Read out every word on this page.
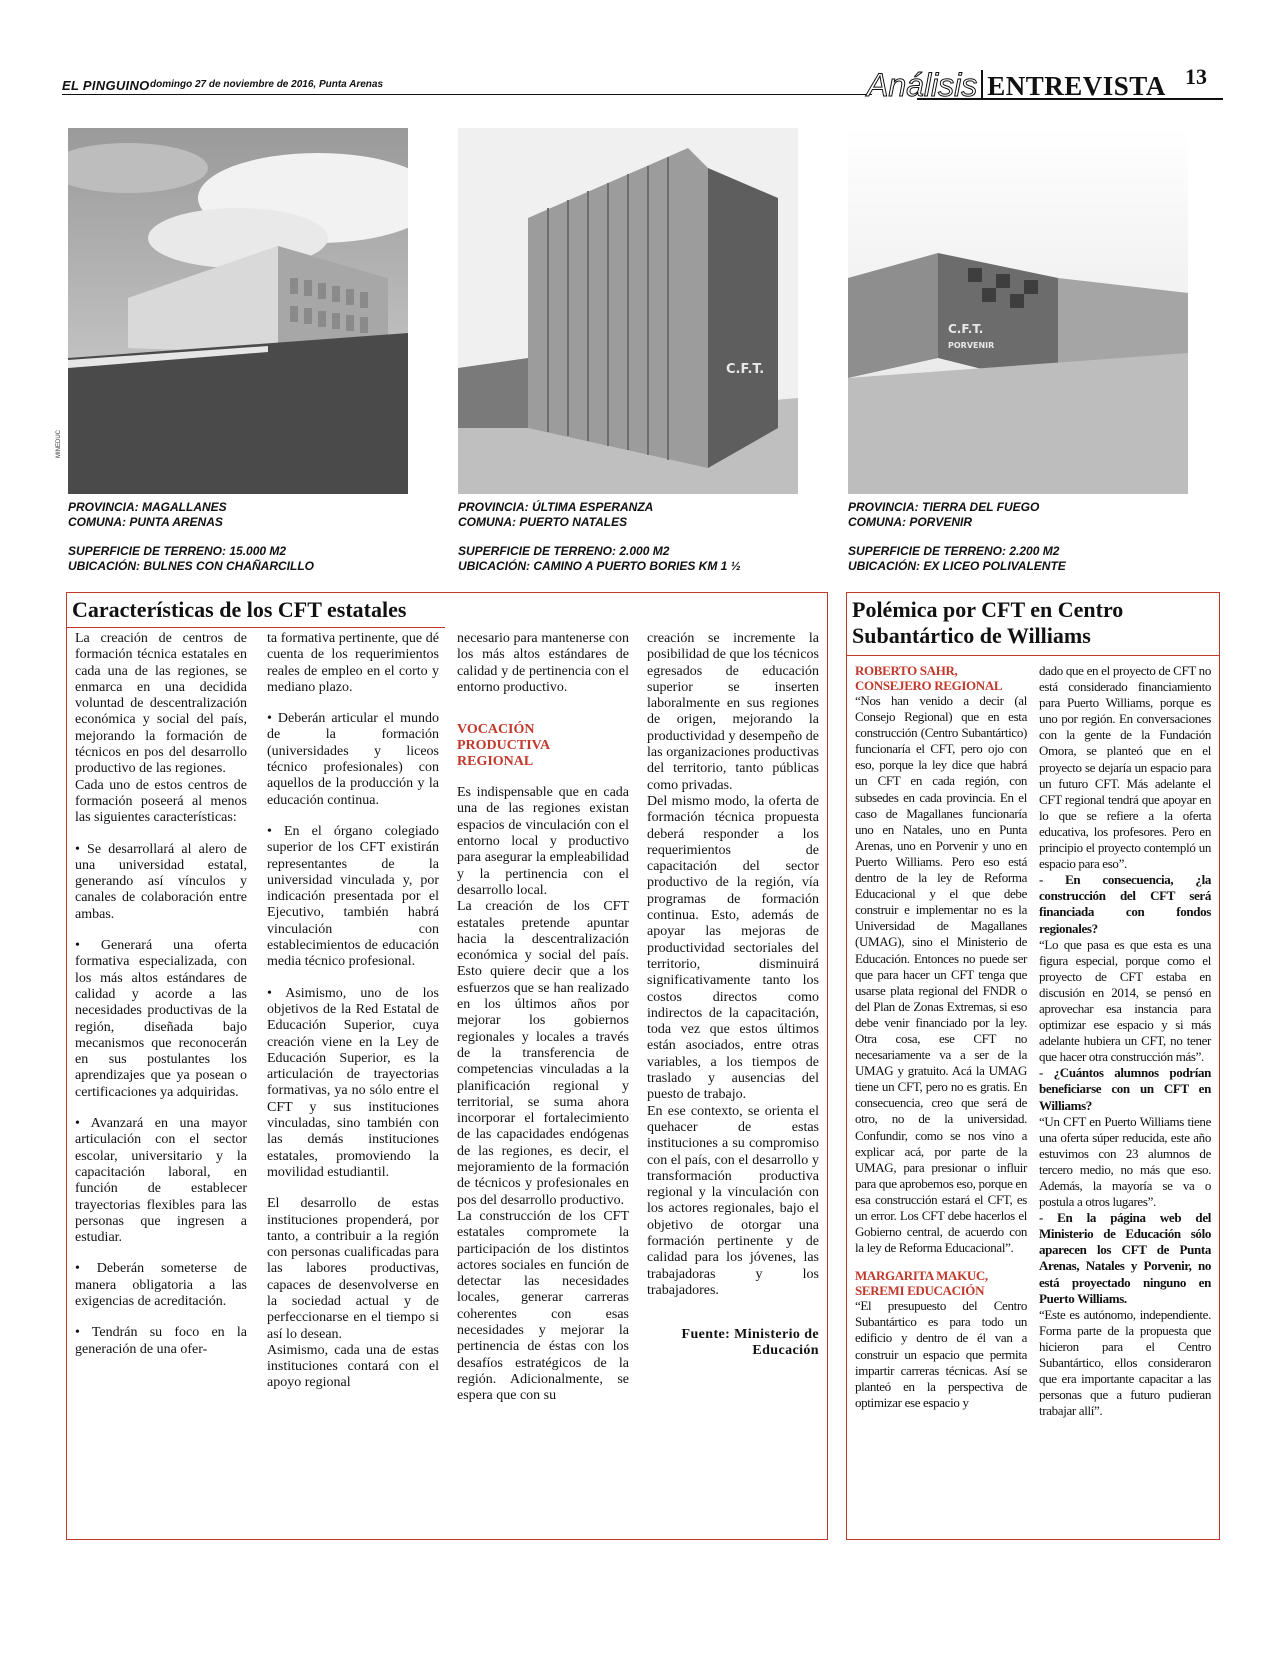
EL PINGUINO domingo 27 de noviembre de 2016, Punta Arenas	Análisis ENTREVISTA 13
MINEDUC
C.F.T.
C.F.T.
PORVENIR

PROVINCIA: MAGALLANES

COMUNA: PUNTA ARENAS

SUPERFICIE DE TERRENO: 15.000 M2

UBICACIÓN: BULNES CON CHAÑARCILLO

PROVINCIA: ÚLTIMA ESPERANZA

COMUNA: PUERTO NATALES

SUPERFICIE DE TERRENO: 2.000 M2

UBICACIÓN: CAMINO A PUERTO BORIES KM 1 ½

PROVINCIA: TIERRA DEL FUEGO

COMUNA: PORVENIR

SUPERFICIE DE TERRENO: 2.200 M2

UBICACIÓN: EX LICEO POLIVALENTE

Características de los CFT estatales

La creación de centros de formación técnica estatales en cada una de las regiones, se enmarca en una decidida voluntad de descentralización económica y social del país, mejorando la formación de técnicos en pos del desarrollo productivo de las regiones.

Cada uno de estos centros de formación poseerá al menos las siguientes características:

• Se desarrollará al alero de una universidad estatal, generando así vínculos y canales de colaboración entre ambas.

• Generará una oferta formativa especializada, con los más altos estándares de calidad y acorde a las necesidades productivas de la región, diseñada bajo mecanismos que reconocerán en sus postulantes los aprendizajes que ya posean o certificaciones ya adquiridas.

• Avanzará en una mayor articulación con el sector escolar, universitario y la capacitación laboral, en función de establecer trayectorias flexibles para las personas que ingresen a estudiar.

• Deberán someterse de manera obligatoria a las exigencias de acreditación.

• Tendrán su foco en la generación de una ofer-

ta formativa pertinente, que dé cuenta de los requerimientos reales de empleo en el corto y mediano plazo.

• Deberán articular el mundo de la formación (universidades y liceos técnico profesionales) con aquellos de la producción y la educación continua.

• En el órgano colegiado superior de los CFT existirán representantes de la universidad vinculada y, por indicación presentada por el Ejecutivo, también habrá vinculación con establecimientos de educación media técnico profesional.

• Asimismo, uno de los objetivos de la Red Estatal de Educación Superior, cuya creación viene en la Ley de Educación Superior, es la articulación de trayectorias formativas, ya no sólo entre el CFT y sus instituciones vinculadas, sino también con las demás instituciones estatales, promoviendo la movilidad estudiantil.

El desarrollo de estas instituciones propenderá, por tanto, a contribuir a la región con personas cualificadas para las labores productivas, capaces de desenvolverse en la sociedad actual y de perfeccionarse en el tiempo si así lo desean.

Asimismo, cada una de estas instituciones contará con el apoyo regional

necesario para mantenerse con los más altos estándares de calidad y de pertinencia con el entorno productivo.

VOCACIÓN PRODUCTIVA REGIONAL

Es indispensable que en cada una de las regiones existan espacios de vinculación con el entorno local y productivo para asegurar la empleabilidad y la pertinencia con el desarrollo local.

La creación de los CFT estatales pretende apuntar hacia la descentralización económica y social del país. Esto quiere decir que a los esfuerzos que se han realizado en los últimos años por mejorar los gobiernos regionales y locales a través de la transferencia de competencias vinculadas a la planificación regional y territorial, se suma ahora incorporar el fortalecimiento de las capacidades endógenas de las regiones, es decir, el mejoramiento de la formación de técnicos y profesionales en pos del desarrollo productivo.

La construcción de los CFT estatales compromete la participación de los distintos actores sociales en función de detectar las necesidades locales, generar carreras coherentes con esas necesidades y mejorar la pertinencia de éstas con los desafíos estratégicos de la región. Adicionalmente, se espera que con su

creación se incremente la posibilidad de que los técnicos egresados de educación superior se inserten laboralmente en sus regiones de origen, mejorando la productividad y desempeño de las organizaciones productivas del territorio, tanto públicas como privadas.

Del mismo modo, la oferta de formación técnica propuesta deberá responder a los requerimientos de capacitación del sector productivo de la región, vía programas de formación continua. Esto, además de apoyar las mejoras de productividad sectoriales del territorio, disminuirá significativamente tanto los costos directos como indirectos de la capacitación, toda vez que estos últimos están asociados, entre otras variables, a los tiempos de traslado y ausencias del puesto de trabajo.

En ese contexto, se orienta el quehacer de estas instituciones a su compromiso con el país, con el desarrollo y transformación productiva regional y la vinculación con los actores regionales, bajo el objetivo de otorgar una formación pertinente y de calidad para los jóvenes, las trabajadoras y los trabajadores.

Fuente: Ministerio de Educación

Polémica por CFT en Centro Subantártico de Williams

ROBERTO SAHR,

CONSEJERO REGIONAL

“Nos han venido a decir (al Consejo Regional) que en esta construcción (Centro Subantártico) funcionaría el CFT, pero ojo con eso, porque la ley dice que habrá un CFT en cada región, con subsedes en cada provincia. En el caso de Magallanes funcionaría uno en Natales, uno en Punta Arenas, uno en Porvenir y uno en Puerto Williams. Pero eso está dentro de la ley de Reforma Educacional y el que debe construir e implementar no es la Universidad de Magallanes (UMAG), sino el Ministerio de Educación. Entonces no puede ser que para hacer un CFT tenga que usarse plata regional del FNDR o del Plan de Zonas Extremas, si eso debe venir financiado por la ley. Otra cosa, ese CFT no necesariamente va a ser de la UMAG y gratuito. Acá la UMAG tiene un CFT, pero no es gratis. En consecuencia, creo que será de otro, no de la universidad. Confundir, como se nos vino a explicar acá, por parte de la UMAG, para presionar o influir para que aprobemos eso, porque en esa construcción estará el CFT, es un error. Los CFT debe hacerlos el Gobierno central, de acuerdo con la ley de Reforma Educacional”.

MARGARITA MAKUC,

SEREMI EDUCACIÓN

“El presupuesto del Centro Subantártico es para todo un edificio y dentro de él van a construir un espacio que permita impartir carreras técnicas. Así se planteó en la perspectiva de optimizar ese espacio y

dado que en el proyecto de CFT no está considerado financiamiento para Puerto Williams, porque es uno por región. En conversaciones con la gente de la Fundación Omora, se planteó que en el proyecto se dejaría un espacio para un futuro CFT. Más adelante el CFT regional tendrá que apoyar en lo que se refiere a la oferta educativa, los profesores. Pero en principio el proyecto contempló un espacio para eso”.

- En consecuencia, ¿la construcción del CFT será financiada con fondos regionales?

“Lo que pasa es que esta es una figura especial, porque como el proyecto de CFT estaba en discusión en 2014, se pensó en aprovechar esa instancia para optimizar ese espacio y si más adelante hubiera un CFT, no tener que hacer otra construcción más”.

- ¿Cuántos alumnos podrían beneficiarse con un CFT en Williams?

“Un CFT en Puerto Williams tiene una oferta súper reducida, este año estuvimos con 23 alumnos de tercero medio, no más que eso. Además, la mayoría se va o postula a otros lugares”.

- En la página web del Ministerio de Educación sólo aparecen los CFT de Punta Arenas, Natales y Porvenir, no está proyectado ninguno en Puerto Williams.

“Este es autónomo, independiente. Forma parte de la propuesta que hicieron para el Centro Subantártico, ellos consideraron que era importante capacitar a las personas que a futuro pudieran trabajar allí”.
